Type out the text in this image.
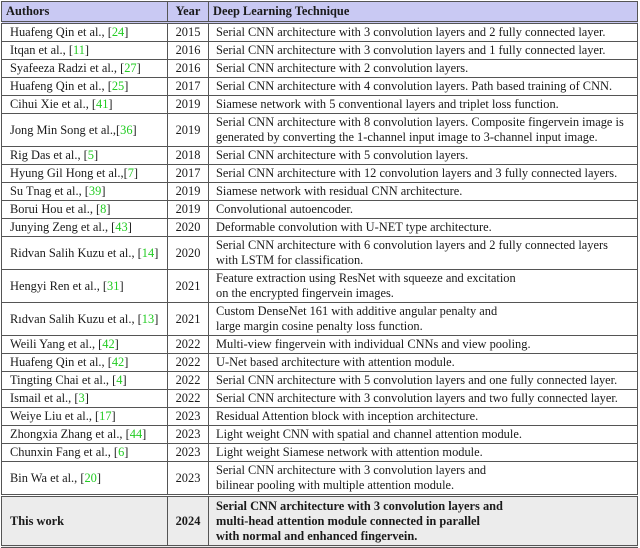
Authors	Year	Deep Learning Technique
Huafeng Qin et al., [24]	2015	Serial CNN architecture with 3 convolution layers and 2 fully connected layer.
Itqan et al., [11]	2016	Serial CNN architecture with 3 convolution layers and 1 fully connected layer.
Syafeeza Radzi et al., [27]	2016	Serial CNN architecture with 2 convolution layers.
Huafeng Qin et al., [25]	2017	Serial CNN architecture with 4 convolution layers. Path based training of CNN.
Cihui Xie et al., [41]	2019	Siamese network with 5 conventional layers and triplet loss function.
Jong Min Song et al.,[36]	2019	Serial CNN architecture with 8 convolution layers. Composite fingervein image is
generated by converting the 1-channel input image to 3-channel input image.
Rig Das et al., [5]	2018	Serial CNN architecture with 5 convolution layers.
Hyung Gil Hong et al.,[7]	2017	Serial CNN architecture with 12 convolution layers and 3 fully connected layers.
Su Tnag et al., [39]	2019	Siamese network with residual CNN architecture.
Borui Hou et al., [8]	2019	Convolutional autoencoder.
Junying Zeng et al., [43]	2020	Deformable convolution with U-NET type architecture.
Ridvan Salih Kuzu et al., [14]	2020	Serial CNN architecture with 6 convolution layers and 2 fully connected layers
with LSTM for classification.
Hengyi Ren et al., [31]	2021	Feature extraction using ResNet with squeeze and excitation
on the encrypted fingervein images.
Rıdvan Salih Kuzu et al., [13]	2021	Custom DenseNet 161 with additive angular penalty and
large margin cosine penalty loss function.
Weili Yang et al., [42]	2022	Multi-view fingervein with individual CNNs and view pooling.
Huafeng Qin et al., [42]	2022	U-Net based architecture with attention module.
Tingting Chai et al., [4]	2022	Serial CNN architecture with 5 convolution layers and one fully connected layer.
Ismail et al., [3]	2022	Serial CNN architecture with 3 convolution layers and two fully connected layer.
Weiye Liu et al., [17]	2023	Residual Attention block with inception architecture.
Zhongxia Zhang et al., [44]	2023	Light weight CNN with spatial and channel attention module.
Chunxin Fang et al., [6]	2023	Light weight Siamese network with attention module.
Bin Wa et al., [20]	2023	Serial CNN architecture with 3 convolution layers and
bilinear pooling with multiple attention module.
This work	2024	Serial CNN architecture with 3 convolution layers and
multi-head attention module connected in parallel
with normal and enhanced fingervein.
